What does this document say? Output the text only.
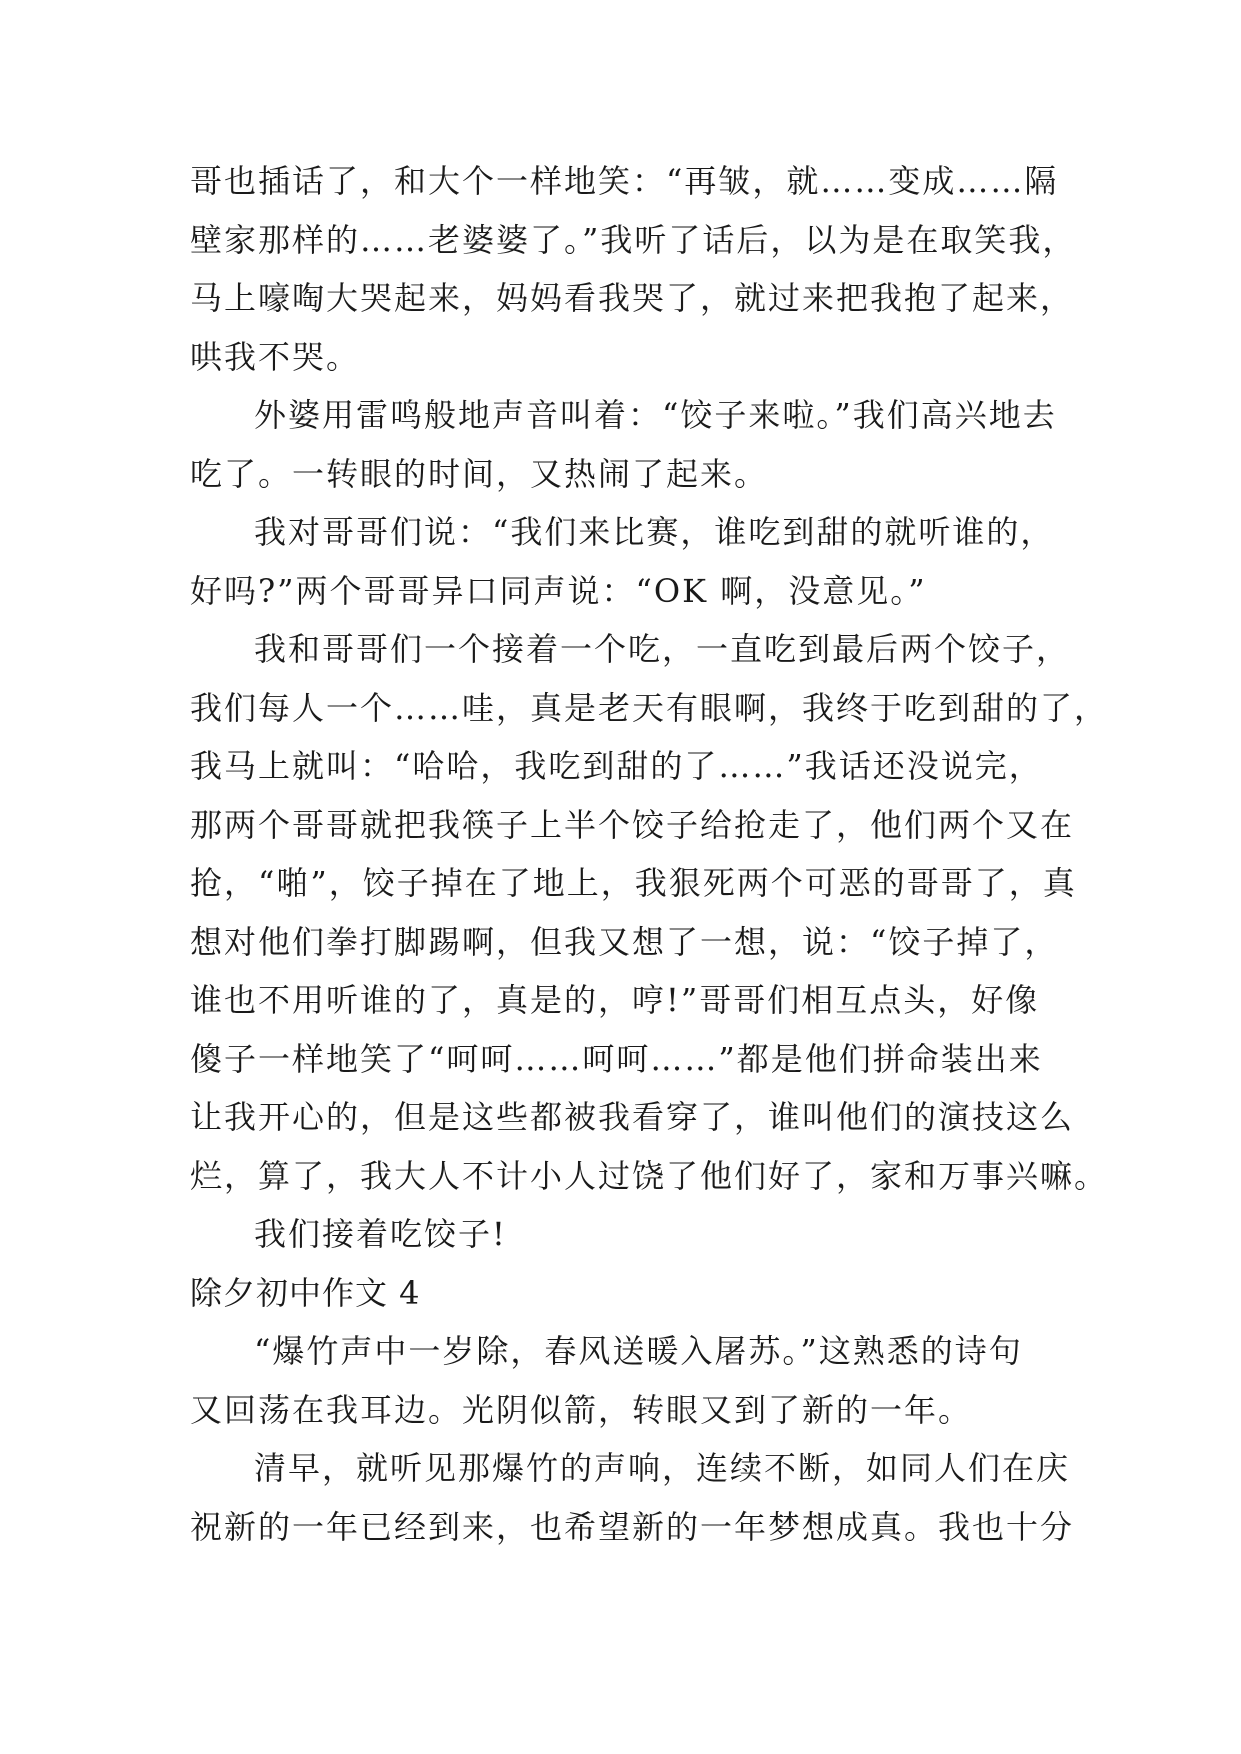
哥也插话了，和大个一样地笑：“再皱，就……变成……隔
壁家那样的……老婆婆了。”我听了话后，以为是在取笑我，
马上嚎啕大哭起来，妈妈看我哭了，就过来把我抱了起来，
哄我不哭。
外婆用雷鸣般地声音叫着：“饺子来啦。”我们高兴地去
吃了。一转眼的时间，又热闹了起来。
我对哥哥们说：“我们来比赛，谁吃到甜的就听谁的，
好吗?”两个哥哥异口同声说：“OK 啊，没意见。”
我和哥哥们一个接着一个吃，一直吃到最后两个饺子，
我们每人一个……哇，真是老天有眼啊，我终于吃到甜的了，
我马上就叫：“哈哈，我吃到甜的了……”我话还没说完，
那两个哥哥就把我筷子上半个饺子给抢走了，他们两个又在
抢，“啪”，饺子掉在了地上，我狠死两个可恶的哥哥了，真
想对他们拳打脚踢啊，但我又想了一想，说：“饺子掉了，
谁也不用听谁的了，真是的，哼!”哥哥们相互点头，好像
傻子一样地笑了“呵呵……呵呵……”都是他们拼命装出来
让我开心的，但是这些都被我看穿了，谁叫他们的演技这么
烂，算了，我大人不计小人过饶了他们好了，家和万事兴嘛。
我们接着吃饺子!
除夕初中作文 4
“爆竹声中一岁除，春风送暖入屠苏。”这熟悉的诗句
又回荡在我耳边。光阴似箭，转眼又到了新的一年。
清早，就听见那爆竹的声响，连续不断，如同人们在庆
祝新的一年已经到来，也希望新的一年梦想成真。我也十分
